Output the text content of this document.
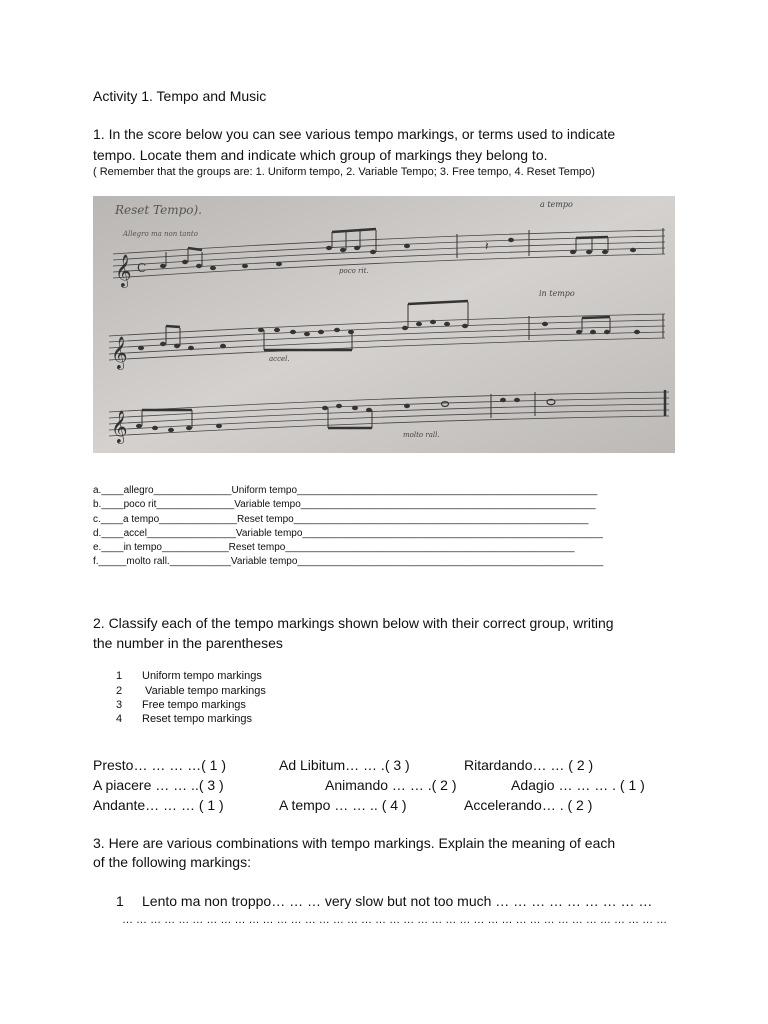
Activity 1. Tempo and Music
1. In the score below you can see various tempo markings, or terms used to indicate
tempo. Locate them and indicate which group of markings they belong to.
( Remember that the groups are: 1. Uniform tempo, 2. Variable Tempo; 3. Free tempo, 4. Reset Tempo)
Reset Tempo).
Allegro ma non tanto
a tempo
poco rit.
in tempo
accel.
molto rall.
𝄞 C
𝄽
𝄞
𝄞
a.____allegro______________Uniform tempo______________________________________________________
b.____poco rit______________Variable tempo_____________________________________________________
c.____a tempo______________Reset tempo_____________________________________________________
d.____accel________________Variable tempo______________________________________________________
e.____in tempo____________Reset tempo____________________________________________________
f._____molto rall.___________Variable tempo_______________________________________________________
2. Classify each of the tempo markings shown below with their correct group, writing
the number in the parentheses
1 Uniform tempo markings
2 Variable tempo markings
3 Free tempo markings
4 Reset tempo markings
Presto… … … …( 1 )	Ad Libitum… … .( 3 )	Ritardando… … ( 2 )
A piacere … … ..( 3 )	Animando … … .( 2 )	Adagio … … … . ( 1 )
Andante… … … ( 1 )	A tempo … … .. ( 4 )	Accelerando… . ( 2 )
3. Here are various combinations with tempo markings. Explain the meaning of each
of the following markings:
1 Lento ma non troppo… … … very slow but not too much … … … … … … … … …
… … … … … … … … … … … … … … … … … … … … … … … … … … … … … … … … … … … … … … …
